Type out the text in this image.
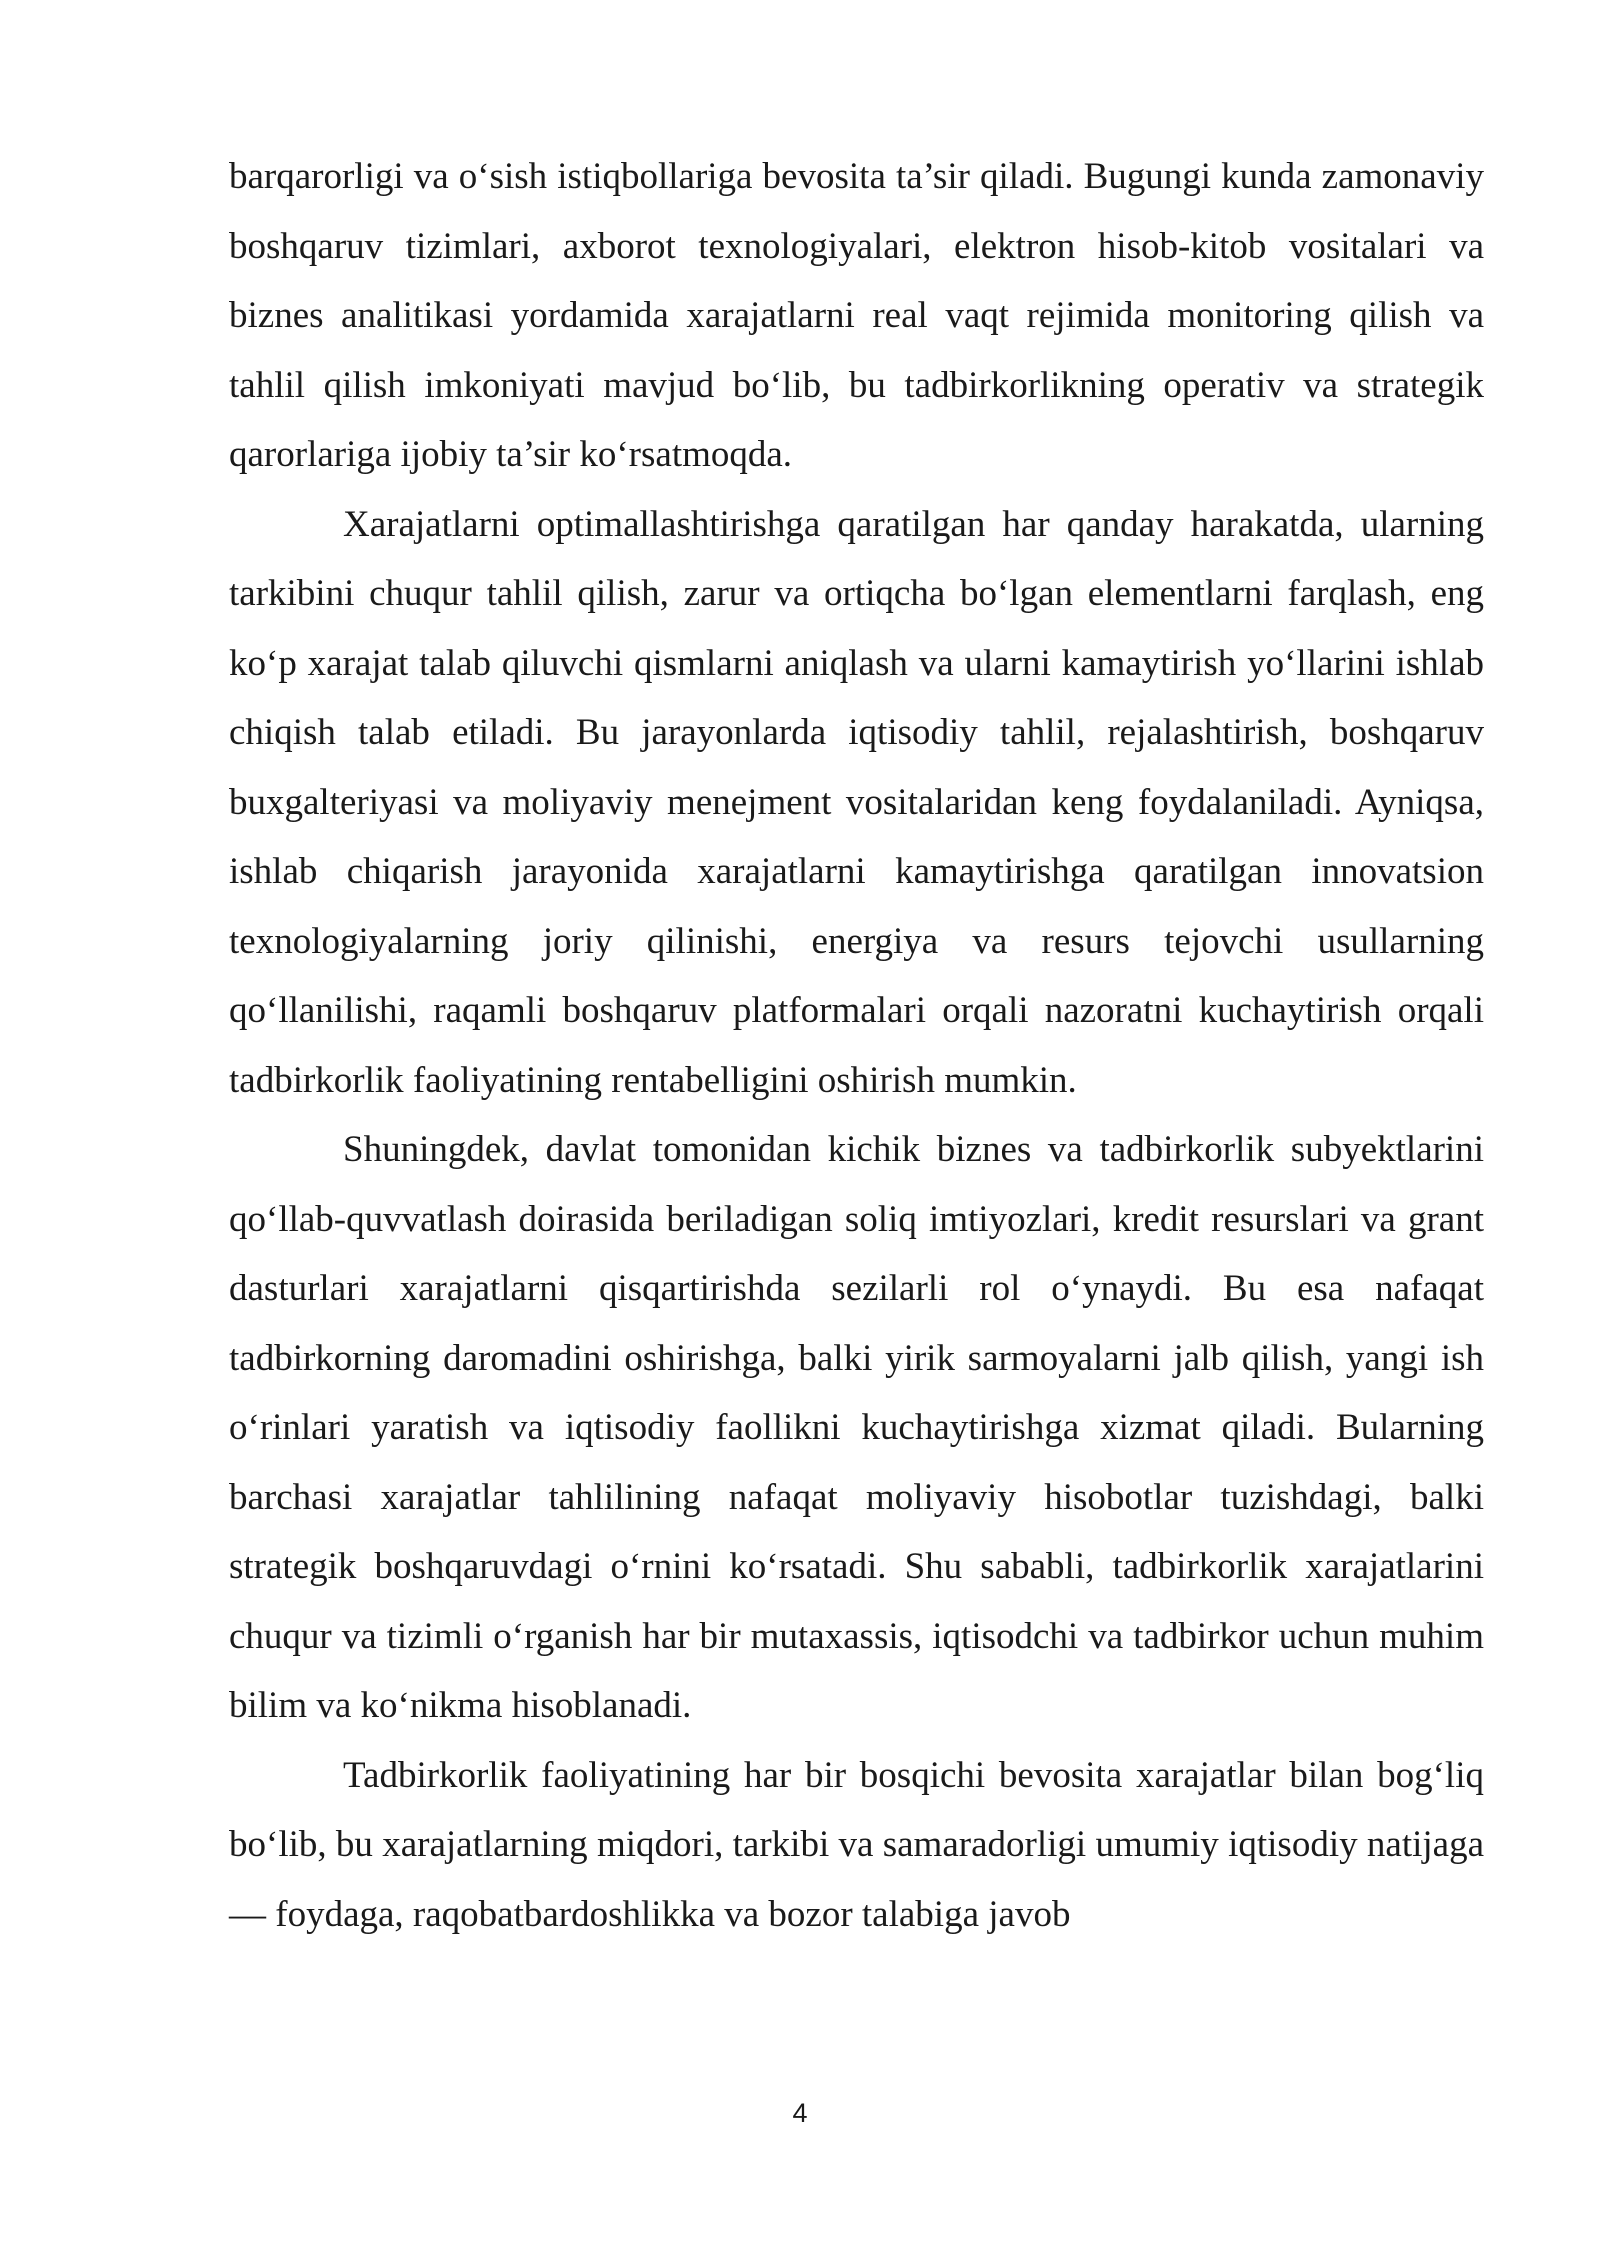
barqarorligi va o‘sish istiqbollariga bevosita ta’sir qiladi. Bugungi kunda zamonaviy boshqaruv tizimlari, axborot texnologiyalari, elektron hisob-kitob vositalari va biznes analitikasi yordamida xarajatlarni real vaqt rejimida monitoring qilish va tahlil qilish imkoniyati mavjud bo‘lib, bu tadbirkorlikning operativ va strategik qarorlariga ijobiy ta’sir ko‘rsatmoqda.

Xarajatlarni optimallashtirishga qaratilgan har qanday harakatda, ularning tarkibini chuqur tahlil qilish, zarur va ortiqcha bo‘lgan elementlarni farqlash, eng ko‘p xarajat talab qiluvchi qismlarni aniqlash va ularni kamaytirish yo‘llarini ishlab chiqish talab etiladi. Bu jarayonlarda iqtisodiy tahlil, rejalashtirish, boshqaruv buxgalteriyasi va moliyaviy menejment vositalaridan keng foydalaniladi. Ayniqsa, ishlab chiqarish jarayonida xarajatlarni kamaytirishga qaratilgan innovatsion texnologiyalarning joriy qilinishi, energiya va resurs tejovchi usullarning qo‘llanilishi, raqamli boshqaruv platformalari orqali nazoratni kuchaytirish orqali tadbirkorlik faoliyatining rentabelligini oshirish mumkin.

Shuningdek, davlat tomonidan kichik biznes va tadbirkorlik subyektlarini qo‘llab-quvvatlash doirasida beriladigan soliq imtiyozlari, kredit resurslari va grant dasturlari xarajatlarni qisqartirishda sezilarli rol o‘ynaydi. Bu esa nafaqat tadbirkorning daromadini oshirishga, balki yirik sarmoyalarni jalb qilish, yangi ish o‘rinlari yaratish va iqtisodiy faollikni kuchaytirishga xizmat qiladi. Bularning barchasi xarajatlar tahlilining nafaqat moliyaviy hisobotlar tuzishdagi, balki strategik boshqaruvdagi o‘rnini ko‘rsatadi. Shu sababli, tadbirkorlik xarajatlarini chuqur va tizimli o‘rganish har bir mutaxassis, iqtisodchi va tadbirkor uchun muhim bilim va ko‘nikma hisoblanadi.

Tadbirkorlik faoliyatining har bir bosqichi bevosita xarajatlar bilan bog‘liq bo‘lib, bu xarajatlarning miqdori, tarkibi va samaradorligi umumiy iqtisodiy natijaga — foydaga, raqobatbardoshlikka va bozor talabiga javob

4
